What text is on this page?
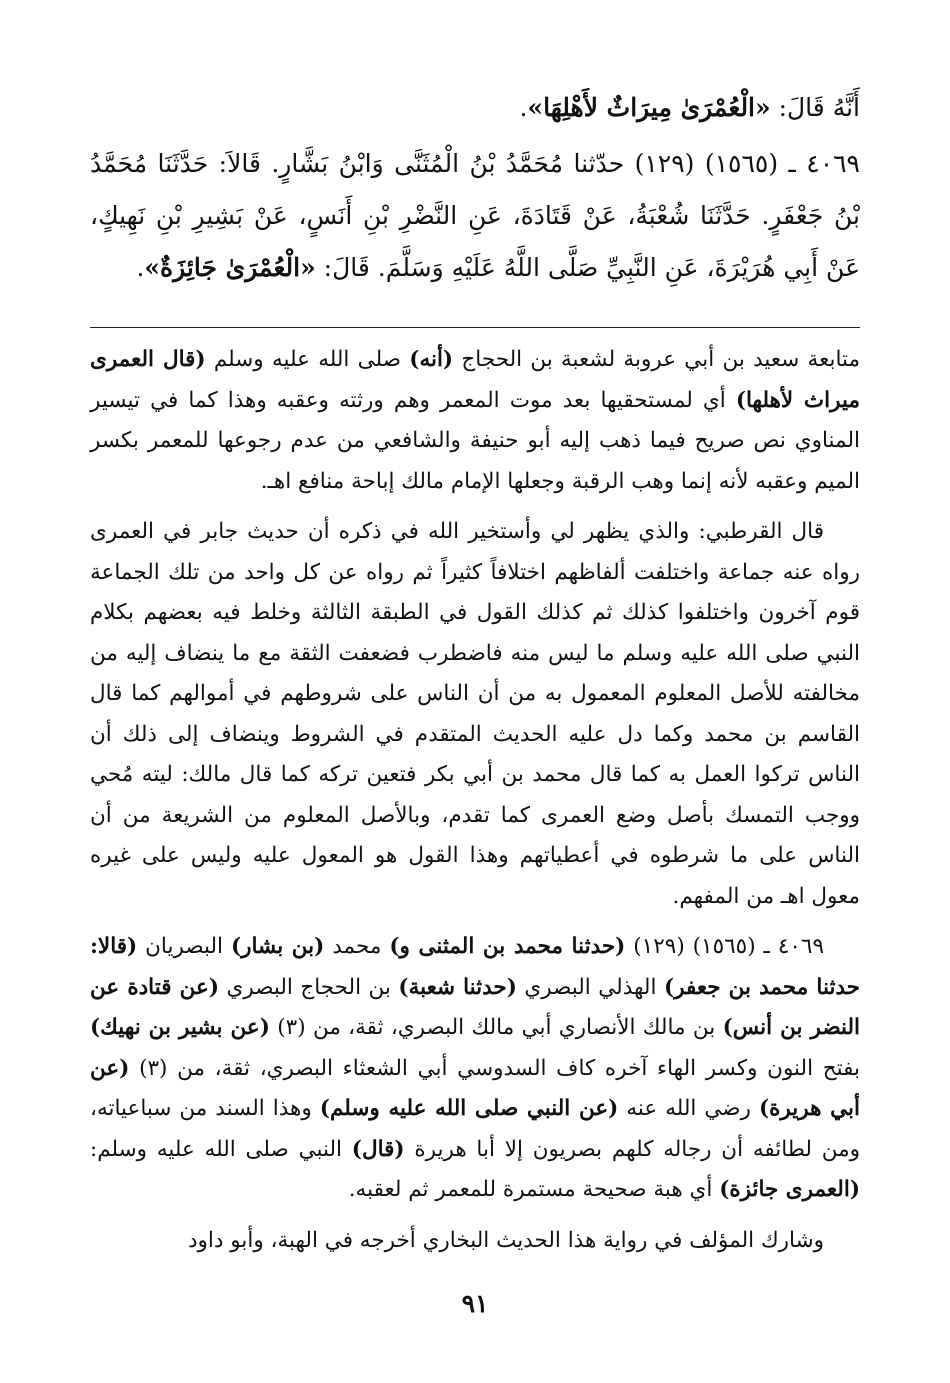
أَنَّهُ قَالَ: «الْعُمْرَىٰ مِيرَاثٌ لأَهْلِهَا».

٤٠٦٩ ـ (١٥٦٥) (١٢٩) حدّثنا مُحَمَّدُ بْنُ الْمُثَنَّى وَابْنُ بَشَّارٍ. قَالاَ: حَدَّثَنَا مُحَمَّدُ بْنُ جَعْفَرٍ. حَدَّثَنَا شُعْبَةُ، عَنْ قَتَادَةَ، عَنِ النَّضْرِ بْنِ أَنَسٍ، عَنْ بَشِيرِ بْنِ نَهِيكٍ، عَنْ أَبِي هُرَيْرَةَ، عَنِ النَّبِيِّ صَلَّى اللَّهُ عَلَيْهِ وَسَلَّمَ. قَالَ: «الْعُمْرَىٰ جَائِزَةٌ».

متابعة سعيد بن أبي عروبة لشعبة بن الحجاج (أنه) صلى الله عليه وسلم (قال العمرى ميراث لأهلها) أي لمستحقيها بعد موت المعمر وهم ورثته وعقبه وهذا كما في تيسير المناوي نص صريح فيما ذهب إليه أبو حنيفة والشافعي من عدم رجوعها للمعمر بكسر الميم وعقبه لأنه إنما وهب الرقبة وجعلها الإمام مالك إباحة منافع اهـ.

قال القرطبي: والذي يظهر لي وأستخير الله في ذكره أن حديث جابر في العمرى رواه عنه جماعة واختلفت ألفاظهم اختلافاً كثيراً ثم رواه عن كل واحد من تلك الجماعة قوم آخرون واختلفوا كذلك ثم كذلك القول في الطبقة الثالثة وخلط فيه بعضهم بكلام النبي صلى الله عليه وسلم ما ليس منه فاضطرب فضعفت الثقة مع ما ينضاف إليه من مخالفته للأصل المعلوم المعمول به من أن الناس على شروطهم في أموالهم كما قال القاسم بن محمد وكما دل عليه الحديث المتقدم في الشروط وينضاف إلى ذلك أن الناس تركوا العمل به كما قال محمد بن أبي بكر فتعين تركه كما قال مالك: ليته مُحي ووجب التمسك بأصل وضع العمرى كما تقدم، وبالأصل المعلوم من الشريعة من أن الناس على ما شرطوه في أعطياتهم وهذا القول هو المعول عليه وليس على غيره معول اهـ من المفهم.

٤٠٦٩ ـ (١٥٦٥) (١٢٩) (حدثنا محمد بن المثنى و) محمد (بن بشار) البصريان (قالا: حدثنا محمد بن جعفر) الهذلي البصري (حدثنا شعبة) بن الحجاج البصري (عن قتادة عن النضر بن أنس) بن مالك الأنصاري أبي مالك البصري، ثقة، من (٣) (عن بشير بن نهيك) بفتح النون وكسر الهاء آخره كاف السدوسي أبي الشعثاء البصري، ثقة، من (٣) (عن أبي هريرة) رضي الله عنه (عن النبي صلى الله عليه وسلم) وهذا السند من سباعياته، ومن لطائفه أن رجاله كلهم بصريون إلا أبا هريرة (قال) النبي صلى الله عليه وسلم: (العمرى جائزة) أي هبة صحيحة مستمرة للمعمر ثم لعقبه.

وشارك المؤلف في رواية هذا الحديث البخاري أخرجه في الهبة، وأبو داود

٩١
